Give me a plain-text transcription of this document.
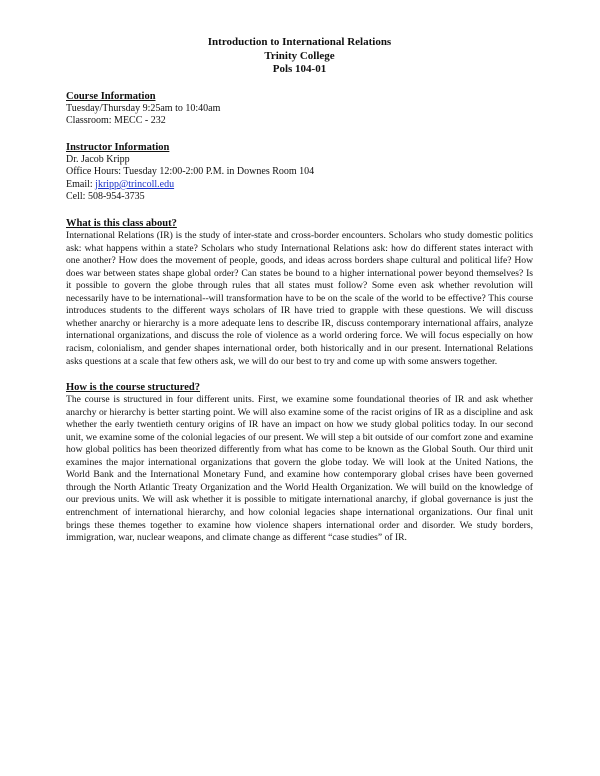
Introduction to International Relations
Trinity College
Pols 104-01
Course Information
Tuesday/Thursday 9:25am to 10:40am
Classroom: MECC - 232
Instructor Information
Dr. Jacob Kripp
Office Hours: Tuesday 12:00-2:00 P.M. in Downes Room 104
Email: jkripp@trincoll.edu
Cell: 508-954-3735
What is this class about?
International Relations (IR) is the study of inter-state and cross-border encounters. Scholars who study domestic politics ask: what happens within a state? Scholars who study International Relations ask: how do different states interact with one another? How does the movement of people, goods, and ideas across borders shape cultural and political life? How does war between states shape global order? Can states be bound to a higher international power beyond themselves? Is it possible to govern the globe through rules that all states must follow? Some even ask whether revolution will necessarily have to be international--will transformation have to be on the scale of the world to be effective? This course introduces students to the different ways scholars of IR have tried to grapple with these questions. We will discuss whether anarchy or hierarchy is a more adequate lens to describe IR, discuss contemporary international affairs, analyze international organizations, and discuss the role of violence as a world ordering force. We will focus especially on how racism, colonialism, and gender shapes international order, both historically and in our present. International Relations asks questions at a scale that few others ask, we will do our best to try and come up with some answers together.
How is the course structured?
The course is structured in four different units. First, we examine some foundational theories of IR and ask whether anarchy or hierarchy is better starting point. We will also examine some of the racist origins of IR as a discipline and ask whether the early twentieth century origins of IR have an impact on how we study global politics today. In our second unit, we examine some of the colonial legacies of our present. We will step a bit outside of our comfort zone and examine how global politics has been theorized differently from what has come to be known as the Global South. Our third unit examines the major international organizations that govern the globe today. We will look at the United Nations, the World Bank and the International Monetary Fund, and examine how contemporary global crises have been governed through the North Atlantic Treaty Organization and the World Health Organization. We will build on the knowledge of our previous units. We will ask whether it is possible to mitigate international anarchy, if global governance is just the entrenchment of international hierarchy, and how colonial legacies shape international organizations. Our final unit brings these themes together to examine how violence shapers international order and disorder. We study borders, immigration, war, nuclear weapons, and climate change as different “case studies” of IR.
